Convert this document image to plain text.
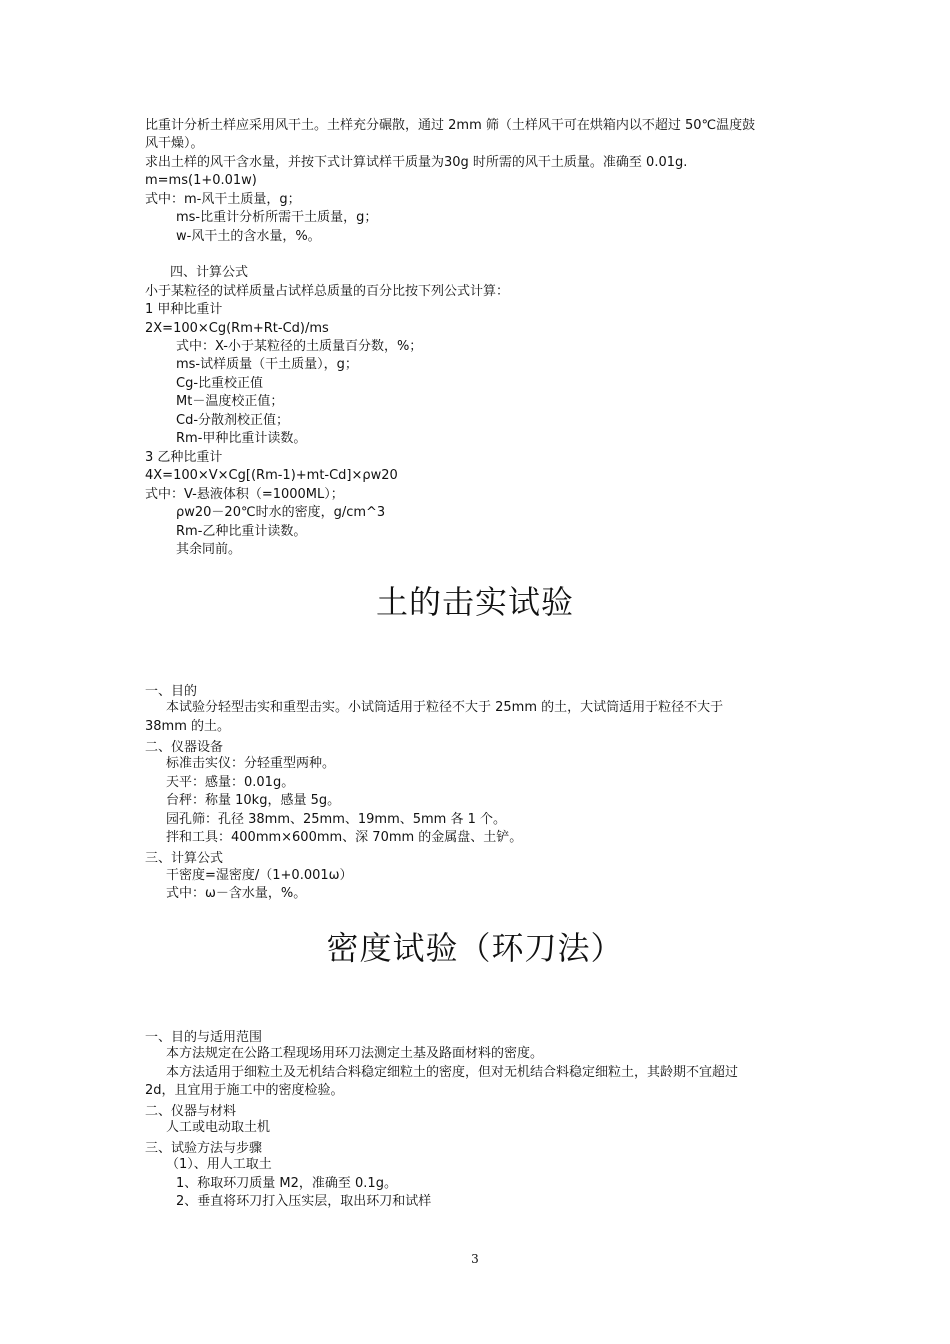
比重计分析土样应采用风干土。土样充分碾散，通过 2mm 筛（土样风干可在烘箱内以不超过 50℃温度鼓
风干燥）。
求出土样的风干含水量，并按下式计算试样干质量为30g 时所需的风干土质量。准确至 0.01g.
m=ms(1+0.01w)
式中：m-风干土质量，g；
ms-比重计分析所需干土质量，g；
w-风干土的含水量，%。
四、计算公式
小于某粒径的试样质量占试样总质量的百分比按下列公式计算：
1 甲种比重计
2X=100×Cg(Rm+Rt-Cd)/ms
式中：X-小于某粒径的土质量百分数，%；
ms-试样质量（干土质量），g；
Cg-比重校正值
Mt－温度校正值；
Cd-分散剂校正值；
Rm-甲种比重计读数。
3 乙种比重计
4X=100×V×Cg[(Rm-1)+mt-Cd]×ρw20
式中：V-悬液体积（=1000ML）；
ρw20－20℃时水的密度，g/cm^3
Rm-乙种比重计读数。
其余同前。
土的击实试验
一、目的
本试验分轻型击实和重型击实。小试筒适用于粒径不大于 25mm 的土，大试筒适用于粒径不大于
38mm 的土。
二、仪器设备
标准击实仪：分轻重型两种。
天平：感量：0.01g。
台秤：称量 10kg，感量 5g。
园孔筛：孔径 38mm、25mm、19mm、5mm 各 1 个。
拌和工具：400mm×600mm、深 70mm 的金属盘、土铲。
三、计算公式
干密度=湿密度/（1+0.001ω）
式中：ω－含水量，%。
密度试验（环刀法）
一、目的与适用范围
本方法规定在公路工程现场用环刀法测定土基及路面材料的密度。
本方法适用于细粒土及无机结合料稳定细粒土的密度，但对无机结合料稳定细粒土，其龄期不宜超过
2d，且宜用于施工中的密度检验。
二、仪器与材料
人工或电动取土机
三、试验方法与步骤
（1）、用人工取土
1、称取环刀质量 M2，准确至 0.1g。
2、垂直将环刀打入压实层，取出环刀和试样
3
